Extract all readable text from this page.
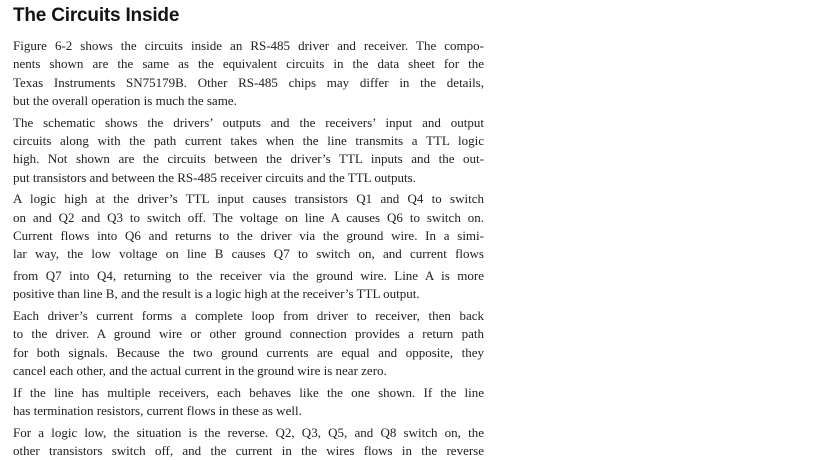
The Circuits Inside
Figure 6-2 shows the circuits inside an RS-485 driver and receiver. The compo-
nents shown are the same as the equivalent circuits in the data sheet for the
Texas Instruments SN75179B. Other RS-485 chips may differ in the details,
but the overall operation is much the same.
The schematic shows the drivers’ outputs and the receivers’ input and output
circuits along with the path current takes when the line transmits a TTL logic
high. Not shown are the circuits between the driver’s TTL inputs and the out-
put transistors and between the RS-485 receiver circuits and the TTL outputs.
A logic high at the driver’s TTL input causes transistors Q1 and Q4 to switch
on and Q2 and Q3 to switch off. The voltage on line A causes Q6 to switch on.
Current flows into Q6 and returns to the driver via the ground wire. In a simi-
lar way, the low voltage on line B causes Q7 to switch on, and current flows
from Q7 into Q4, returning to the receiver via the ground wire. Line A is more
positive than line B, and the result is a logic high at the receiver’s TTL output.
Each driver’s current forms a complete loop from driver to receiver, then back
to the driver. A ground wire or other ground connection provides a return path
for both signals. Because the two ground currents are equal and opposite, they
cancel each other, and the actual current in the ground wire is near zero.
If the line has multiple receivers, each behaves like the one shown. If the line
has termination resistors, current flows in these as well.
For a logic low, the situation is the reverse. Q2, Q3, Q5, and Q8 switch on, the
other transistors switch off, and the current in the wires flows in the reverse
